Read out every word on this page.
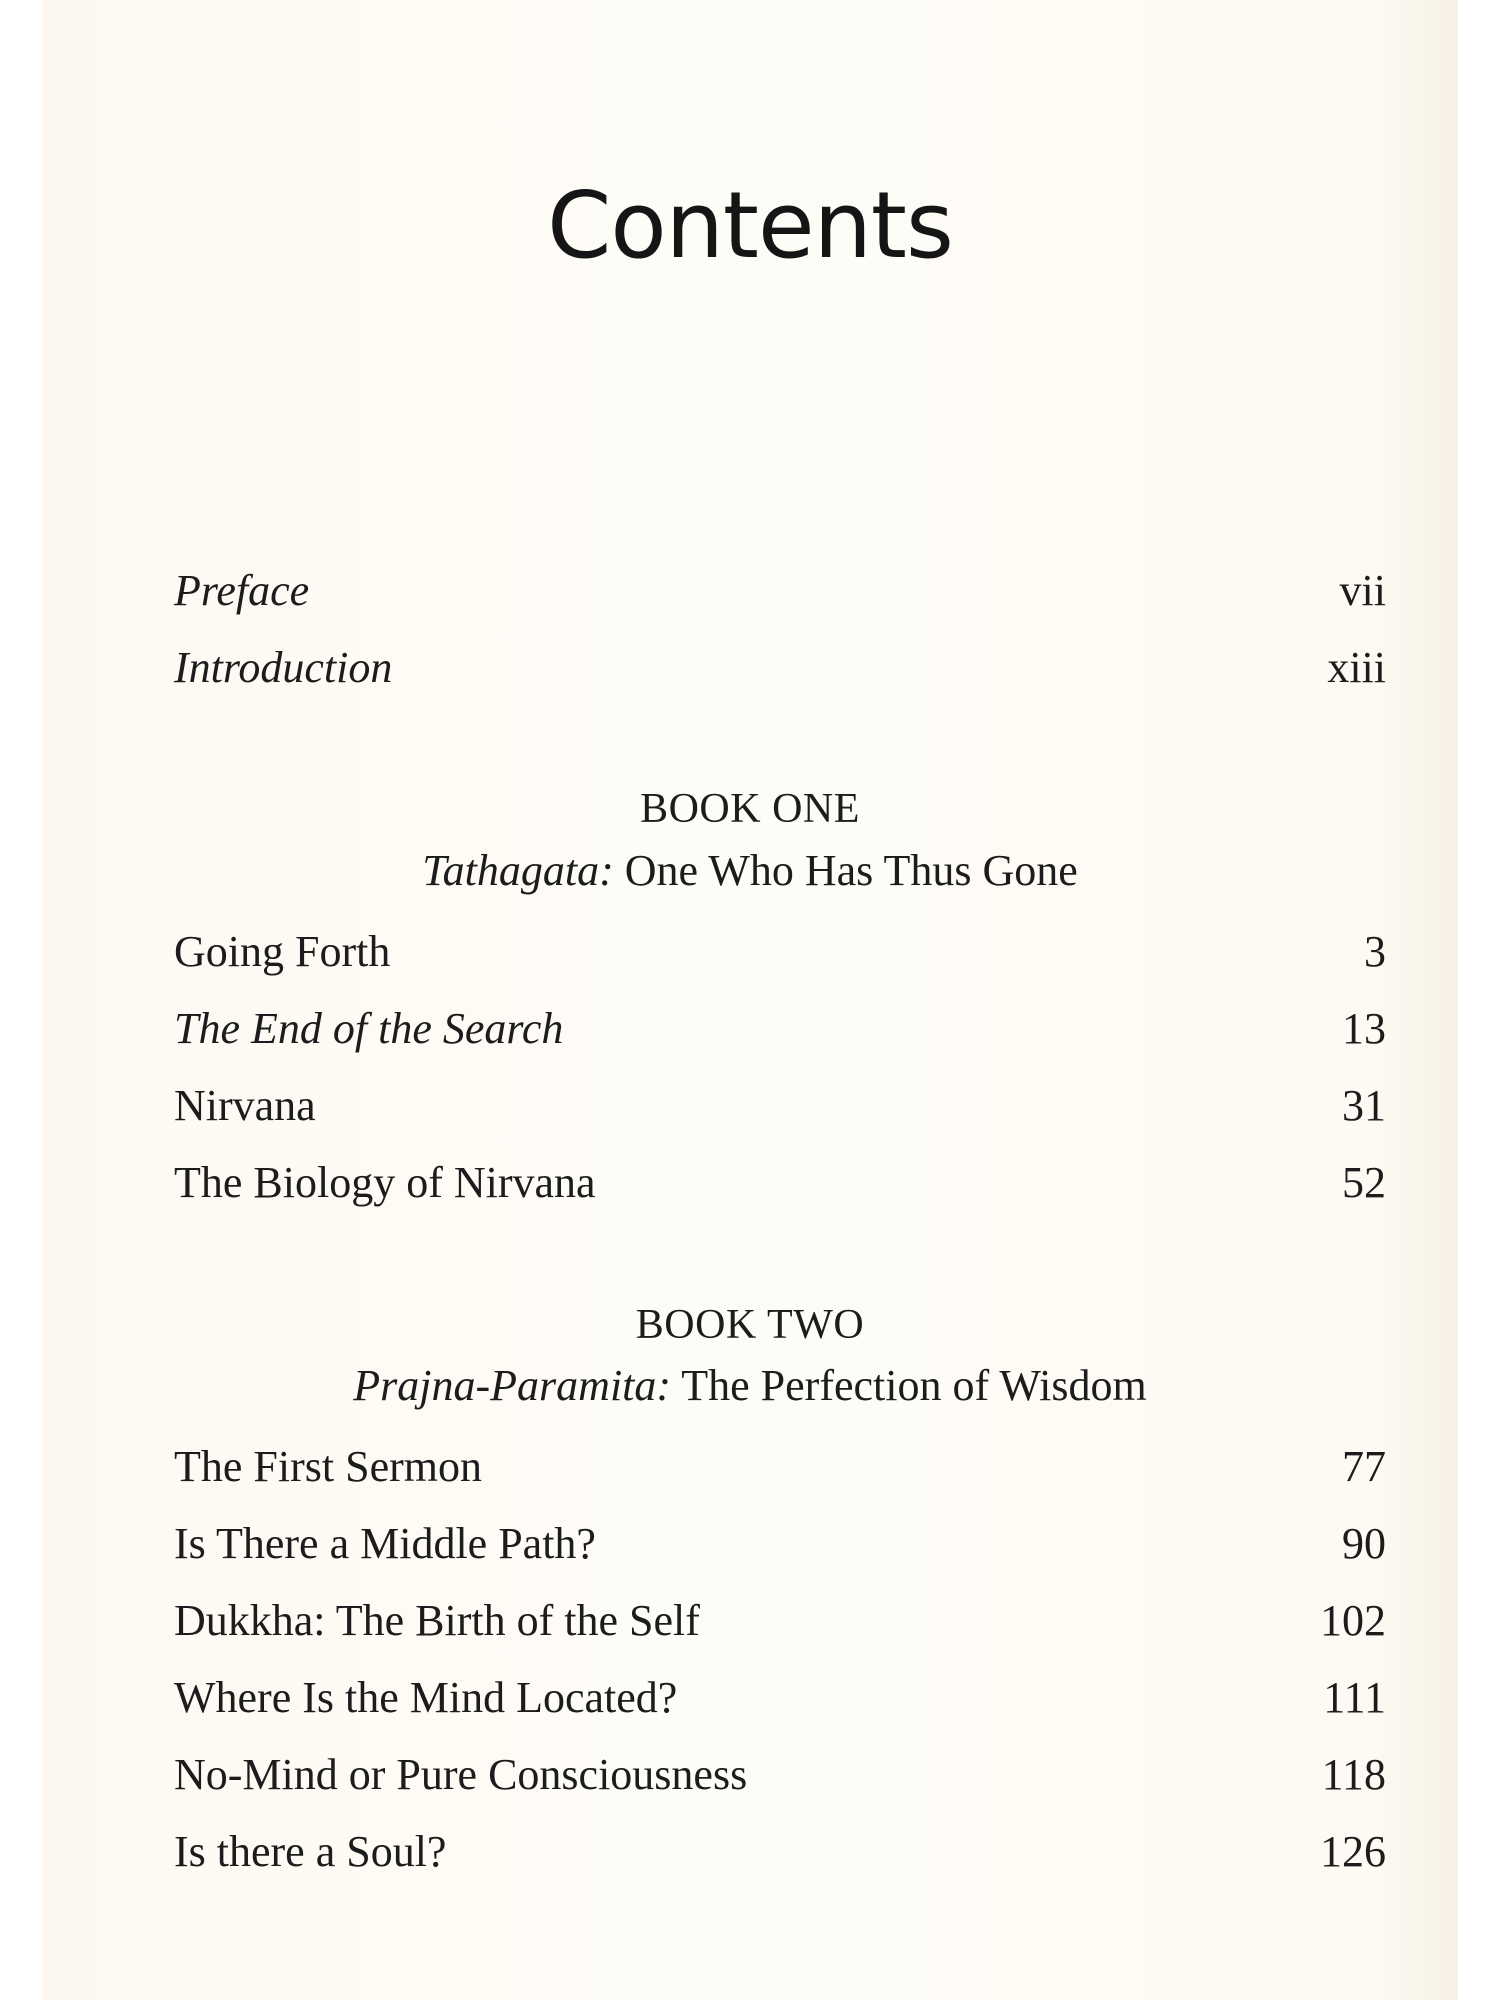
Contents
Preface	vii
Introduction	xiii
BOOK ONE
Tathagata: One Who Has Thus Gone
Going Forth	3
The End of the Search	13
Nirvana	31
The Biology of Nirvana	52
BOOK TWO
Prajna-Paramita: The Perfection of Wisdom
The First Sermon	77
Is There a Middle Path?	90
Dukkha: The Birth of the Self	102
Where Is the Mind Located?	111
No-Mind or Pure Consciousness	118
Is there a Soul?	126
